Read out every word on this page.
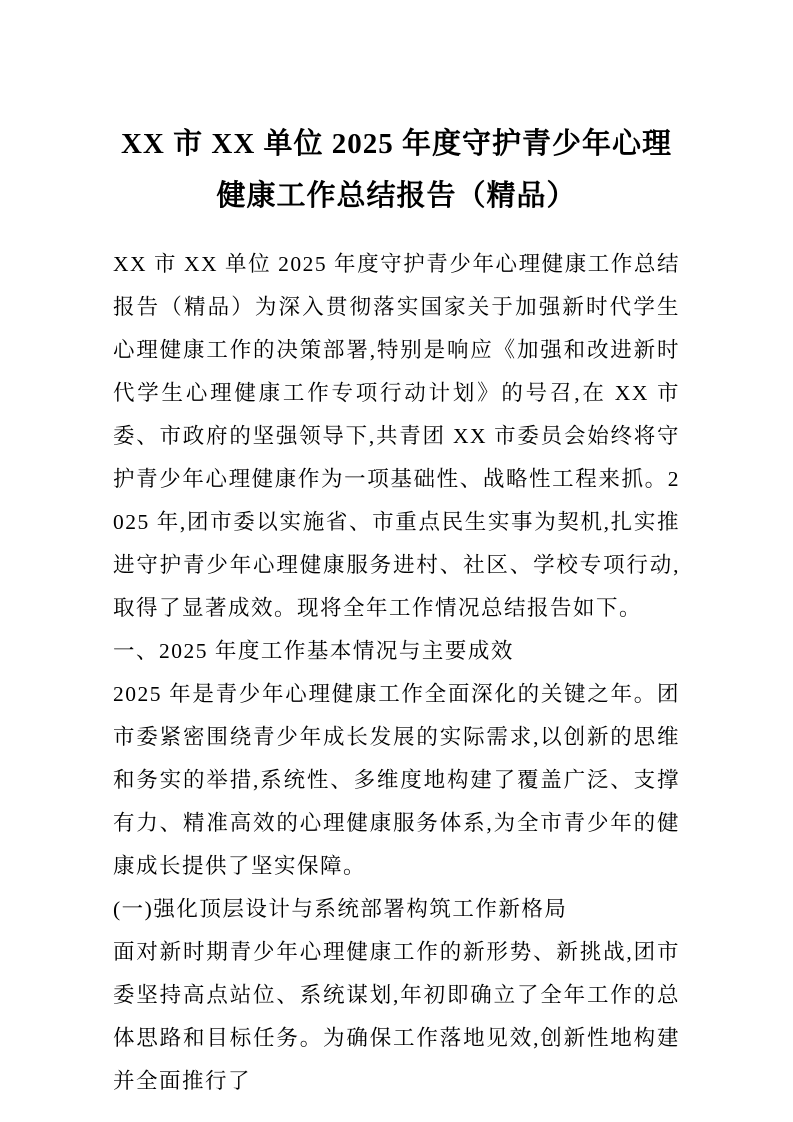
XX 市 XX 单位 2025 年度守护青少年心理健康工作总结报告（精品）

XX 市 XX 单位 2025 年度守护青少年心理健康工作总结报告（精品）为深入贯彻落实国家关于加强新时代学生心理健康工作的决策部署,特别是响应《加强和改进新时代学生心理健康工作专项行动计划》的号召,在 XX 市委、市政府的坚强领导下,共青团 XX 市委员会始终将守护青少年心理健康作为一项基础性、战略性工程来抓。2025 年,团市委以实施省、市重点民生实事为契机,扎实推进守护青少年心理健康服务进村、社区、学校专项行动,取得了显著成效。现将全年工作情况总结报告如下。

一、2025 年度工作基本情况与主要成效

2025 年是青少年心理健康工作全面深化的关键之年。团市委紧密围绕青少年成长发展的实际需求,以创新的思维和务实的举措,系统性、多维度地构建了覆盖广泛、支撑有力、精准高效的心理健康服务体系,为全市青少年的健康成长提供了坚实保障。

(一)强化顶层设计与系统部署构筑工作新格局

面对新时期青少年心理健康工作的新形势、新挑战,团市委坚持高点站位、系统谋划,年初即确立了全年工作的总体思路和目标任务。为确保工作落地见效,创新性地构建并全面推行了
